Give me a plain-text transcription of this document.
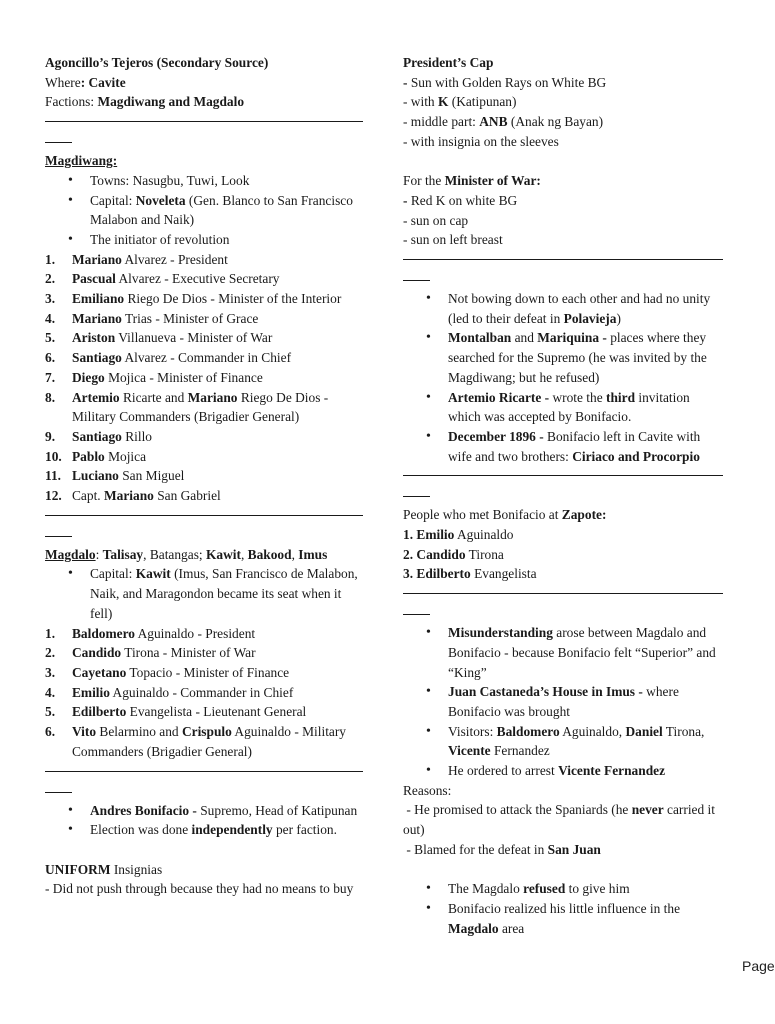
Agoncillo’s Tejeros (Secondary Source)
Where: Cavite
Factions: Magdiwang and Magdalo
Magdiwang:
• Towns: Nasugbu, Tuwi, Look
• Capital: Noveleta (Gen. Blanco to San Francisco Malabon and Naik)
• The initiator of revolution
1. Mariano Alvarez - President
2. Pascual Alvarez - Executive Secretary
3. Emiliano Riego De Dios - Minister of the Interior
4. Mariano Trias - Minister of Grace
5. Ariston Villanueva - Minister of War
6. Santiago Alvarez - Commander in Chief
7. Diego Mojica - Minister of Finance
8. Artemio Ricarte and Mariano Riego De Dios - Military Commanders (Brigadier General)
9. Santiago Rillo
10. Pablo Mojica
11. Luciano San Miguel
12. Capt. Mariano San Gabriel
Magdalo: Talisay, Batangas; Kawit, Bakood, Imus
• Capital: Kawit (Imus, San Francisco de Malabon, Naik, and Maragondon became its seat when it fell)
1. Baldomero Aguinaldo - President
2. Candido Tirona - Minister of War
3. Cayetano Topacio - Minister of Finance
4. Emilio Aguinaldo - Commander in Chief
5. Edilberto Evangelista - Lieutenant General
6. Vito Belarmino and Crispulo Aguinaldo - Military Commanders (Brigadier General)
• Andres Bonifacio - Supremo, Head of Katipunan
• Election was done independently per faction.
UNIFORM Insignias
- Did not push through because they had no means to buy
President’s Cap
- Sun with Golden Rays on White BG
- with K (Katipunan)
- middle part: ANB (Anak ng Bayan)
- with insignia on the sleeves
For the Minister of War:
- Red K on white BG
- sun on cap
- sun on left breast
• Not bowing down to each other and had no unity (led to their defeat in Polavieja)
• Montalban and Mariquina - places where they searched for the Supremo (he was invited by the Magdiwang; but he refused)
• Artemio Ricarte - wrote the third invitation which was accepted by Bonifacio.
• December 1896 - Bonifacio left in Cavite with wife and two brothers: Ciriaco and Procorpio
People who met Bonifacio at Zapote:
1. Emilio Aguinaldo
2. Candido Tirona
3. Edilberto Evangelista
• Misunderstanding arose between Magdalo and Bonifacio - because Bonifacio felt “Superior” and “King”
• Juan Castaneda’s House in Imus - where Bonifacio was brought
• Visitors: Baldomero Aguinaldo, Daniel Tirona, Vicente Fernandez
• He ordered to arrest Vicente Fernandez
Reasons:
- He promised to attack the Spaniards (he never carried it out)
- Blamed for the defeat in San Juan
• The Magdalo refused to give him
• Bonifacio realized his little influence in the Magdalo area
Page
